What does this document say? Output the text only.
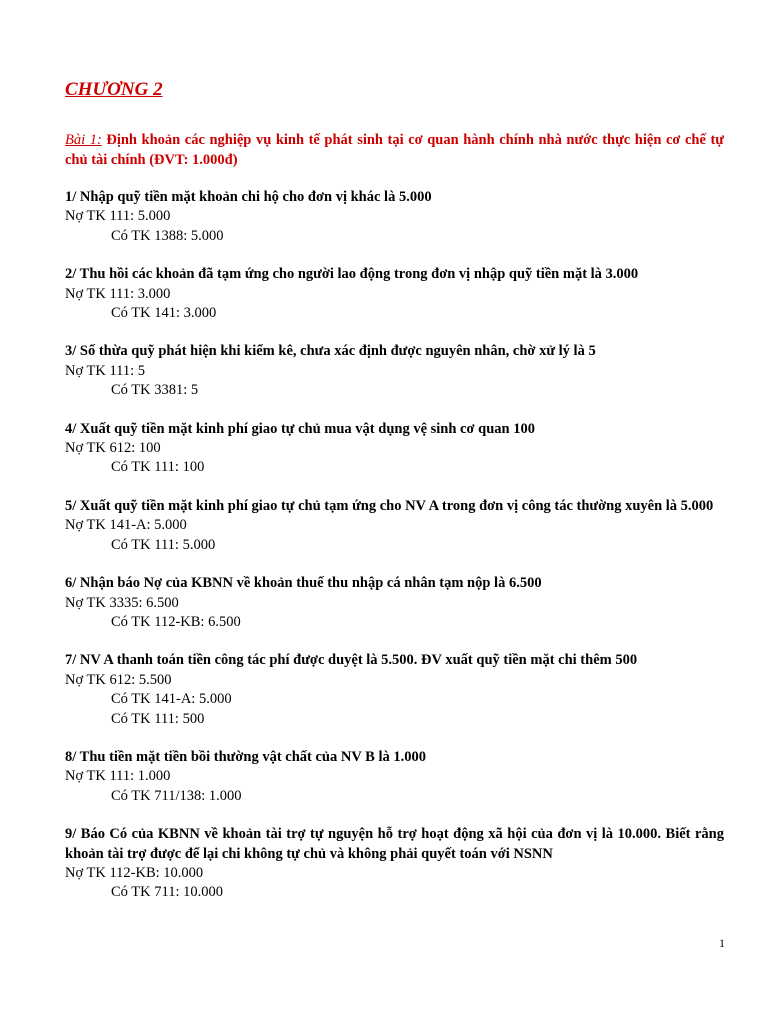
CHƯƠNG 2

Bài 1: Định khoản các nghiệp vụ kinh tế phát sinh tại cơ quan hành chính nhà nước thực hiện cơ chế tự chủ tài chính (ĐVT: 1.000đ)

1/ Nhập quỹ tiền mặt khoản chi hộ cho đơn vị khác là 5.000

Nợ TK 111: 5.000

Có TK 1388: 5.000

2/ Thu hồi các khoản đã tạm ứng cho người lao động trong đơn vị nhập quỹ tiền mặt là 3.000

Nợ TK 111: 3.000

Có TK 141: 3.000

3/ Số thừa quỹ phát hiện khi kiểm kê, chưa xác định được nguyên nhân, chờ xử lý là 5

Nợ TK 111: 5

Có TK 3381: 5

4/ Xuất quỹ tiền mặt kinh phí giao tự chủ mua vật dụng vệ sinh cơ quan 100

Nợ TK 612: 100

Có TK 111: 100

5/ Xuất quỹ tiền mặt kinh phí giao tự chủ tạm ứng cho NV A trong đơn vị công tác thường xuyên là 5.000

Nợ TK 141-A: 5.000

Có TK 111: 5.000

6/ Nhận báo Nợ của KBNN về khoản thuế thu nhập cá nhân tạm nộp là 6.500

Nợ TK 3335: 6.500

Có TK 112-KB: 6.500

7/ NV A thanh toán tiền công tác phí được duyệt là 5.500. ĐV xuất quỹ tiền mặt chi thêm 500

Nợ TK 612: 5.500

Có TK 141-A: 5.000

Có TK 111: 500

8/ Thu tiền mặt tiền bồi thường vật chất của NV B là 1.000

Nợ TK 111: 1.000

Có TK 711/138: 1.000

9/ Báo Có của KBNN về khoản tài trợ tự nguyện hỗ trợ hoạt động xã hội của đơn vị là 10.000. Biết rằng khoản tài trợ được để lại chi không tự chủ và không phải quyết toán với NSNN

Nợ TK 112-KB: 10.000

Có TK 711: 10.000

1
